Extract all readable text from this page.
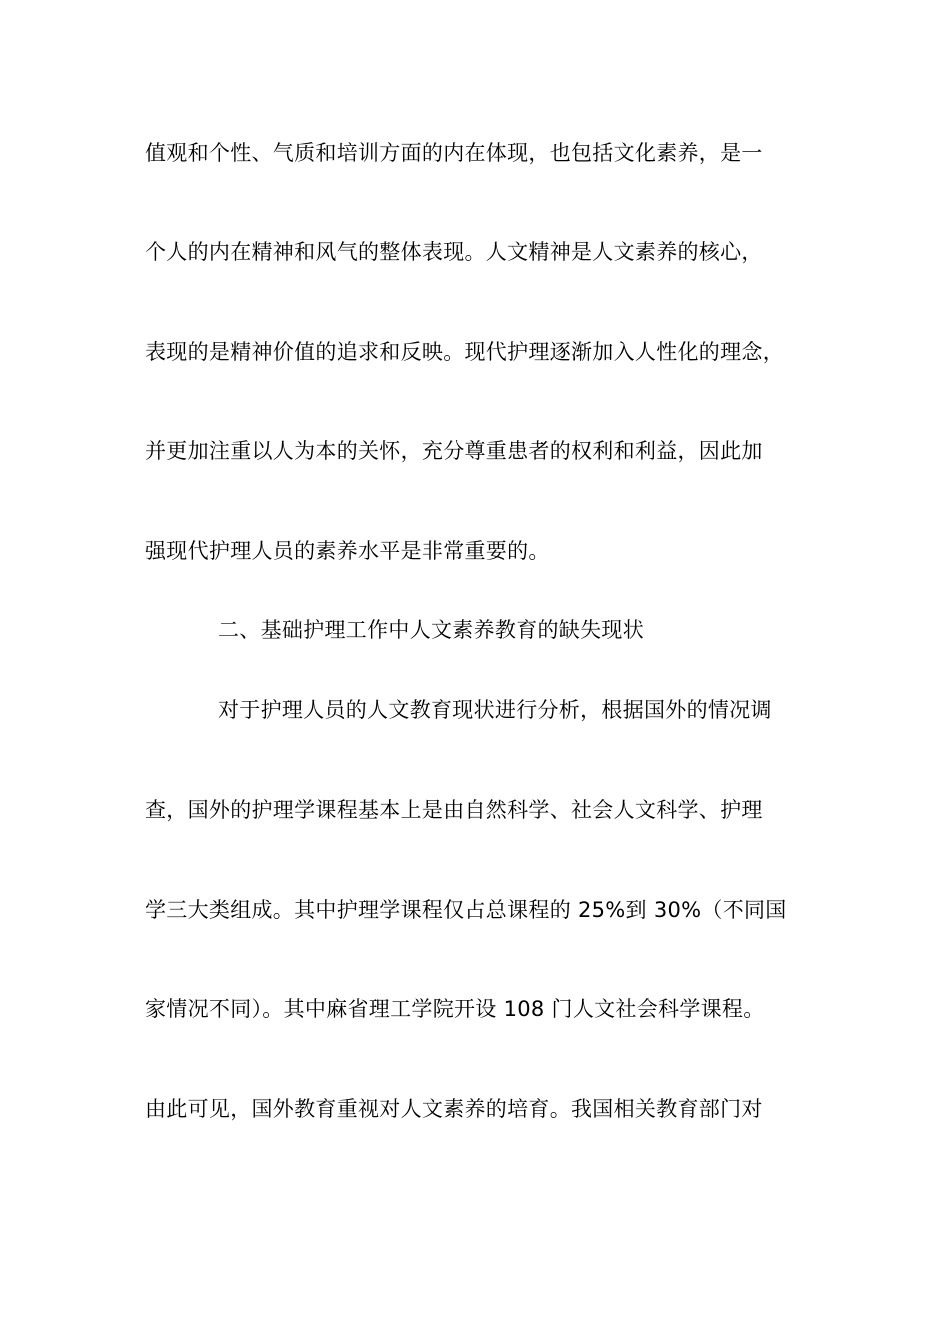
值观和个性、气质和培训方面的内在体现，也包括文化素养，是一
个人的内在精神和风气的整体表现。人文精神是人文素养的核心，
表现的是精神价值的追求和反映。现代护理逐渐加入人性化的理念，
并更加注重以人为本的关怀，充分尊重患者的权利和利益，因此加
强现代护理人员的素养水平是非常重要的。
二、基础护理工作中人文素养教育的缺失现状
对于护理人员的人文教育现状进行分析，根据国外的情况调
查，国外的护理学课程基本上是由自然科学、社会人文科学、护理
学三大类组成。其中护理学课程仅占总课程的 25%到 30%（不同国
家情况不同）。其中麻省理工学院开设 108 门人文社会科学课程。
由此可见，国外教育重视对人文素养的培育。我国相关教育部门对
